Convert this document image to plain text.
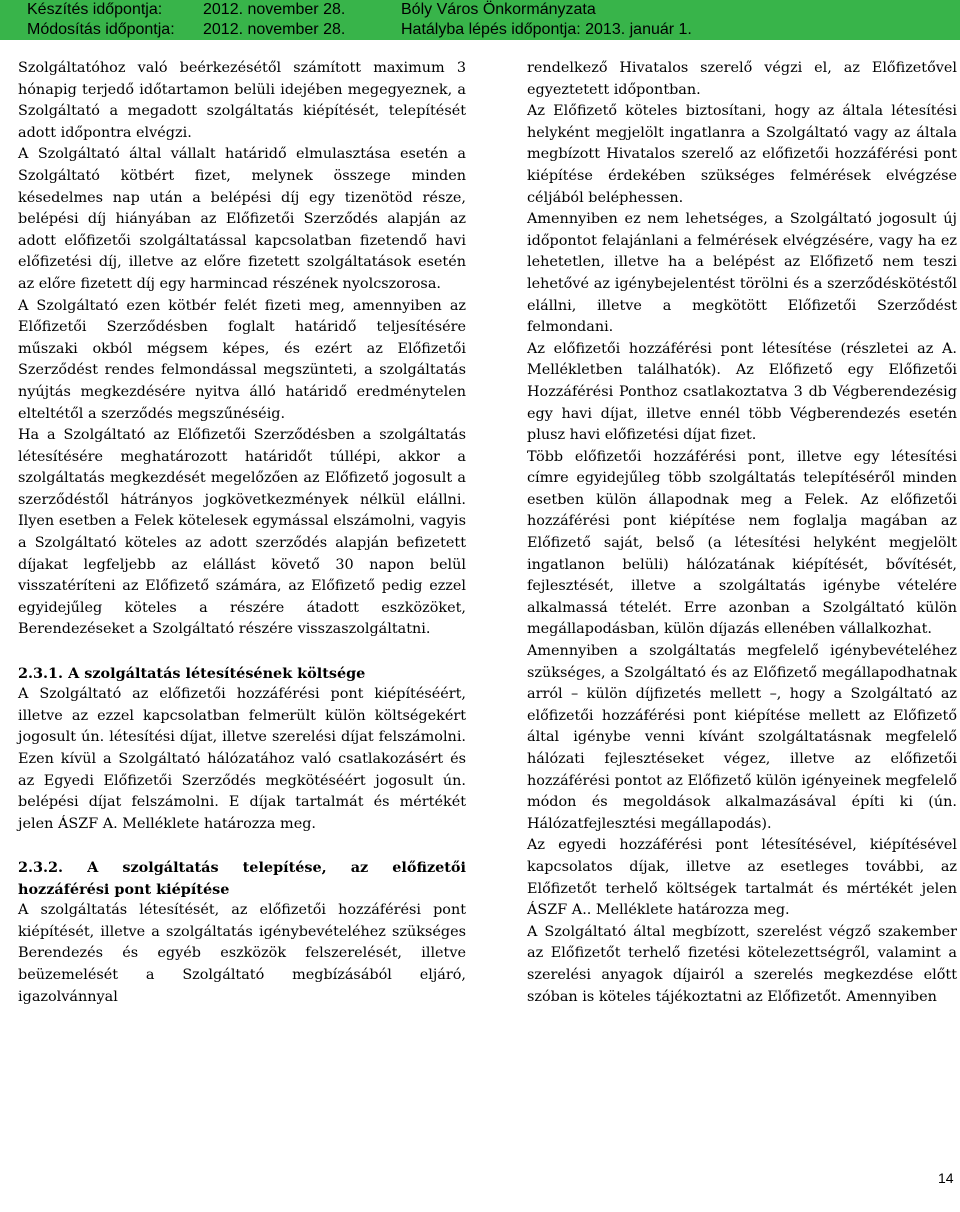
Készítés időpontja:	2012. november 28.	Bóly Város Önkormányzata
Módosítás időpontja: 2012. november 28.	Hatályba lépés időpontja: 2013. január 1.

Szolgáltatóhoz való beérkezésétől számított maximum 3 hónapig terjedő időtartamon belüli idejében megegyeznek, a Szolgáltató a megadott szolgáltatás kiépítését, telepítését adott időpontra elvégzi.

A Szolgáltató által vállalt határidő elmulasztása esetén a Szolgáltató kötbért fizet, melynek összege minden késedelmes nap után a belépési díj egy tizenötöd része, belépési díj hiányában az Előfizetői Szerződés alapján az adott előfizetői szolgáltatással kapcsolatban fizetendő havi előfizetési díj, illetve az előre fizetett szolgáltatások esetén az előre fizetett díj egy harmincad részének nyolcszorosa.

A Szolgáltató ezen kötbér felét fizeti meg, amennyiben az Előfizetői Szerződésben foglalt határidő teljesítésére műszaki okból mégsem képes, és ezért az Előfizetői Szerződést rendes felmondással megszünteti, a szolgáltatás nyújtás megkezdésére nyitva álló határidő eredménytelen elteltétől a szerződés megszűnéséig.

Ha a Szolgáltató az Előfizetői Szerződésben a szolgáltatás létesítésére meghatározott határidőt túllépi, akkor a szolgáltatás megkezdését megelőzően az Előfizető jogosult a szerződéstől hátrányos jogkövetkezmények nélkül elállni. Ilyen esetben a Felek kötelesek egymással elszámolni, vagyis a Szolgáltató köteles az adott szerződés alapján befizetett díjakat legfeljebb az elállást követő 30 napon belül visszatéríteni az Előfizető számára, az Előfizető pedig ezzel egyidejűleg köteles a részére átadott eszközöket, Berendezéseket a Szolgáltató részére visszaszolgáltatni.

2.3.1. A szolgáltatás létesítésének költsége

A Szolgáltató az előfizetői hozzáférési pont kiépítéséért, illetve az ezzel kapcsolatban felmerült külön költségekért jogosult ún. létesítési díjat, illetve szerelési díjat felszámolni. Ezen kívül a Szolgáltató hálózatához való csatlakozásért és az Egyedi Előfizetői Szerződés megkötéséért jogosult ún. belépési díjat felszámolni. E díjak tartalmát és mértékét jelen ÁSZF A. Melléklete határozza meg.

2.3.2. A szolgáltatás telepítése, az előfizetői hozzáférési pont kiépítése

A szolgáltatás létesítését, az előfizetői hozzáférési pont kiépítését, illetve a szolgáltatás igénybevételéhez szükséges Berendezés és egyéb eszközök felszerelését, illetve beüzemelését a Szolgáltató megbízásából eljáró, igazolvánnyal

rendelkező Hivatalos szerelő végzi el, az Előfizetővel egyeztetett időpontban.

Az Előfizető köteles biztosítani, hogy az általa létesítési helyként megjelölt ingatlanra a Szolgáltató vagy az általa megbízott Hivatalos szerelő az előfizetői hozzáférési pont kiépítése érdekében szükséges felmérések elvégzése céljából beléphessen.

Amennyiben ez nem lehetséges, a Szolgáltató jogosult új időpontot felajánlani a felmérések elvégzésére, vagy ha ez lehetetlen, illetve ha a belépést az Előfizető nem teszi lehetővé az igénybejelentést törölni és a szerződéskötéstől elállni, illetve a megkötött Előfizetői Szerződést felmondani.

Az előfizetői hozzáférési pont létesítése (részletei az A. Mellékletben találhatók). Az Előfizető egy Előfizetői Hozzáférési Ponthoz csatlakoztatva 3 db Végberendezésig egy havi díjat, illetve ennél több Végberendezés esetén plusz havi előfizetési díjat fizet.

Több előfizetői hozzáférési pont, illetve egy létesítési címre egyidejűleg több szolgáltatás telepítéséről minden esetben külön állapodnak meg a Felek. Az előfizetői hozzáférési pont kiépítése nem foglalja magában az Előfizető saját, belső (a létesítési helyként megjelölt ingatlanon belüli) hálózatának kiépítését, bővítését, fejlesztését, illetve a szolgáltatás igénybe vételére alkalmassá tételét. Erre azonban a Szolgáltató külön megállapodásban, külön díjazás ellenében vállalkozhat.

Amennyiben a szolgáltatás megfelelő igénybevételéhez szükséges, a Szolgáltató és az Előfizető megállapodhatnak arról – külön díjfizetés mellett –, hogy a Szolgáltató az előfizetői hozzáférési pont kiépítése mellett az Előfizető által igénybe venni kívánt szolgáltatásnak megfelelő hálózati fejlesztéseket végez, illetve az előfizetői hozzáférési pontot az Előfizető külön igényeinek megfelelő módon és megoldások alkalmazásával építi ki (ún. Hálózatfejlesztési megállapodás).

Az egyedi hozzáférési pont létesítésével, kiépítésével kapcsolatos díjak, illetve az esetleges további, az Előfizetőt terhelő költségek tartalmát és mértékét jelen ÁSZF A.. Melléklete határozza meg.

A Szolgáltató által megbízott, szerelést végző szakember az Előfizetőt terhelő fizetési kötelezettségről, valamint a szerelési anyagok díjairól a szerelés megkezdése előtt szóban is köteles tájékoztatni az Előfizetőt. Amennyiben

14
